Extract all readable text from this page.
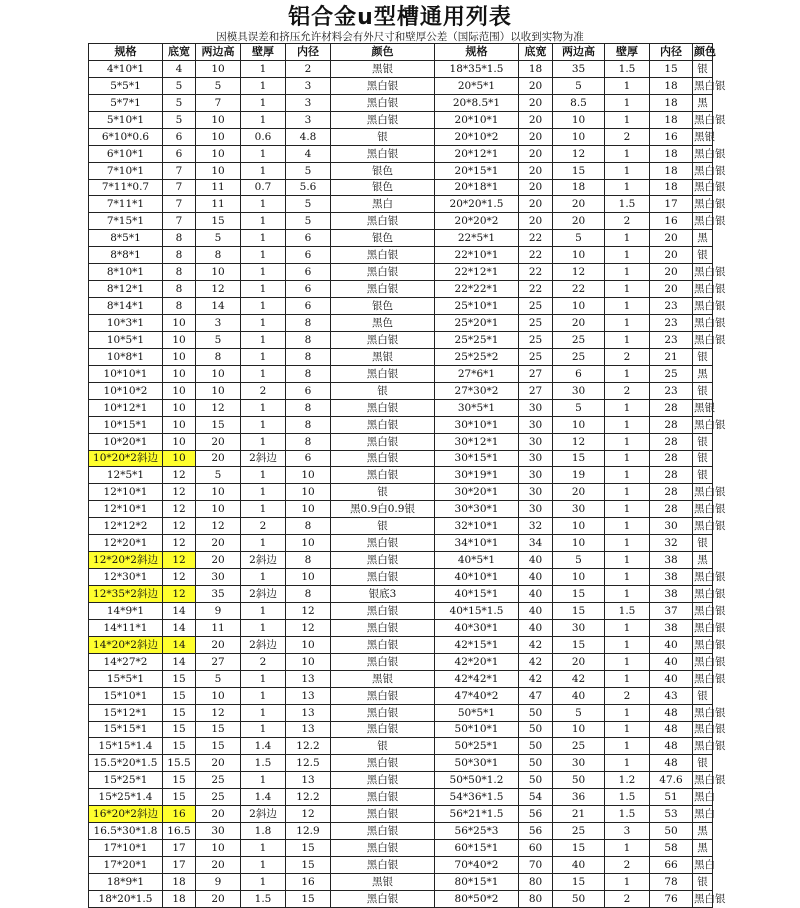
铝合金u型槽通用列表
因模具误差和挤压允许材料会有外尺寸和壁厚公差（国际范围）以收到实物为准
规格	底宽	两边高	壁厚	内径	颜色	规格	底宽	两边高	壁厚	内径	颜色
4*10*1	4	10	1	2	黑银	18*35*1.5	18	35	1.5	15	银
5*5*1	5	5	1	3	黑白银	20*5*1	20	5	1	18	黑白银
5*7*1	5	7	1	3	黑白银	20*8.5*1	20	8.5	1	18	黑
5*10*1	5	10	1	3	黑白银	20*10*1	20	10	1	18	黑白银
6*10*0.6	6	10	0.6	4.8	银	20*10*2	20	10	2	16	黑银
6*10*1	6	10	1	4	黑白银	20*12*1	20	12	1	18	黑白银
7*10*1	7	10	1	5	银色	20*15*1	20	15	1	18	黑白银
7*11*0.7	7	11	0.7	5.6	银色	20*18*1	20	18	1	18	黑白银
7*11*1	7	11	1	5	黑白	20*20*1.5	20	20	1.5	17	黑白银
7*15*1	7	15	1	5	黑白银	20*20*2	20	20	2	16	黑白银
8*5*1	8	5	1	6	银色	22*5*1	22	5	1	20	黑
8*8*1	8	8	1	6	黑白银	22*10*1	22	10	1	20	银
8*10*1	8	10	1	6	黑白银	22*12*1	22	12	1	20	黑白银
8*12*1	8	12	1	6	黑白银	22*22*1	22	22	1	20	黑白银
8*14*1	8	14	1	6	银色	25*10*1	25	10	1	23	黑白银
10*3*1	10	3	1	8	黑色	25*20*1	25	20	1	23	黑白银
10*5*1	10	5	1	8	黑白银	25*25*1	25	25	1	23	黑白银
10*8*1	10	8	1	8	黑银	25*25*2	25	25	2	21	银
10*10*1	10	10	1	8	黑白银	27*6*1	27	6	1	25	黑
10*10*2	10	10	2	6	银	27*30*2	27	30	2	23	银
10*12*1	10	12	1	8	黑白银	30*5*1	30	5	1	28	黑银
10*15*1	10	15	1	8	黑白银	30*10*1	30	10	1	28	黑白银
10*20*1	10	20	1	8	黑白银	30*12*1	30	12	1	28	银
10*20*2斜边	10	20	2斜边	6	黑白银	30*15*1	30	15	1	28	银
12*5*1	12	5	1	10	黑白银	30*19*1	30	19	1	28	银
12*10*1	12	10	1	10	银	30*20*1	30	20	1	28	黑白银
12*10*1	12	10	1	10	黑0.9白0.9银	30*30*1	30	30	1	28	黑白银
12*12*2	12	12	2	8	银	32*10*1	32	10	1	30	黑白银
12*20*1	12	20	1	10	黑白银	34*10*1	34	10	1	32	银
12*20*2斜边	12	20	2斜边	8	黑白银	40*5*1	40	5	1	38	黑
12*30*1	12	30	1	10	黑白银	40*10*1	40	10	1	38	黑白银
12*35*2斜边	12	35	2斜边	8	银底3	40*15*1	40	15	1	38	黑白银
14*9*1	14	9	1	12	黑白银	40*15*1.5	40	15	1.5	37	黑白银
14*11*1	14	11	1	12	黑白银	40*30*1	40	30	1	38	黑白银
14*20*2斜边	14	20	2斜边	10	黑白银	42*15*1	42	15	1	40	黑白银
14*27*2	14	27	2	10	黑白银	42*20*1	42	20	1	40	黑白银
15*5*1	15	5	1	13	黑银	42*42*1	42	42	1	40	黑白银
15*10*1	15	10	1	13	黑白银	47*40*2	47	40	2	43	银
15*12*1	15	12	1	13	黑白银	50*5*1	50	5	1	48	黑白银
15*15*1	15	15	1	13	黑白银	50*10*1	50	10	1	48	黑白银
15*15*1.4	15	15	1.4	12.2	银	50*25*1	50	25	1	48	黑白银
15.5*20*1.5	15.5	20	1.5	12.5	黑白银	50*30*1	50	30	1	48	银
15*25*1	15	25	1	13	黑白银	50*50*1.2	50	50	1.2	47.6	黑白银
15*25*1.4	15	25	1.4	12.2	黑白银	54*36*1.5	54	36	1.5	51	黑白
16*20*2斜边	16	20	2斜边	12	黑白银	56*21*1.5	56	21	1.5	53	黑白
16.5*30*1.8	16.5	30	1.8	12.9	黑白银	56*25*3	56	25	3	50	黑
17*10*1	17	10	1	15	黑白银	60*15*1	60	15	1	58	黑
17*20*1	17	20	1	15	黑白银	70*40*2	70	40	2	66	黑白
18*9*1	18	9	1	16	黑银	80*15*1	80	15	1	78	银
18*20*1.5	18	20	1.5	15	黑白银	80*50*2	80	50	2	76	黑白银
